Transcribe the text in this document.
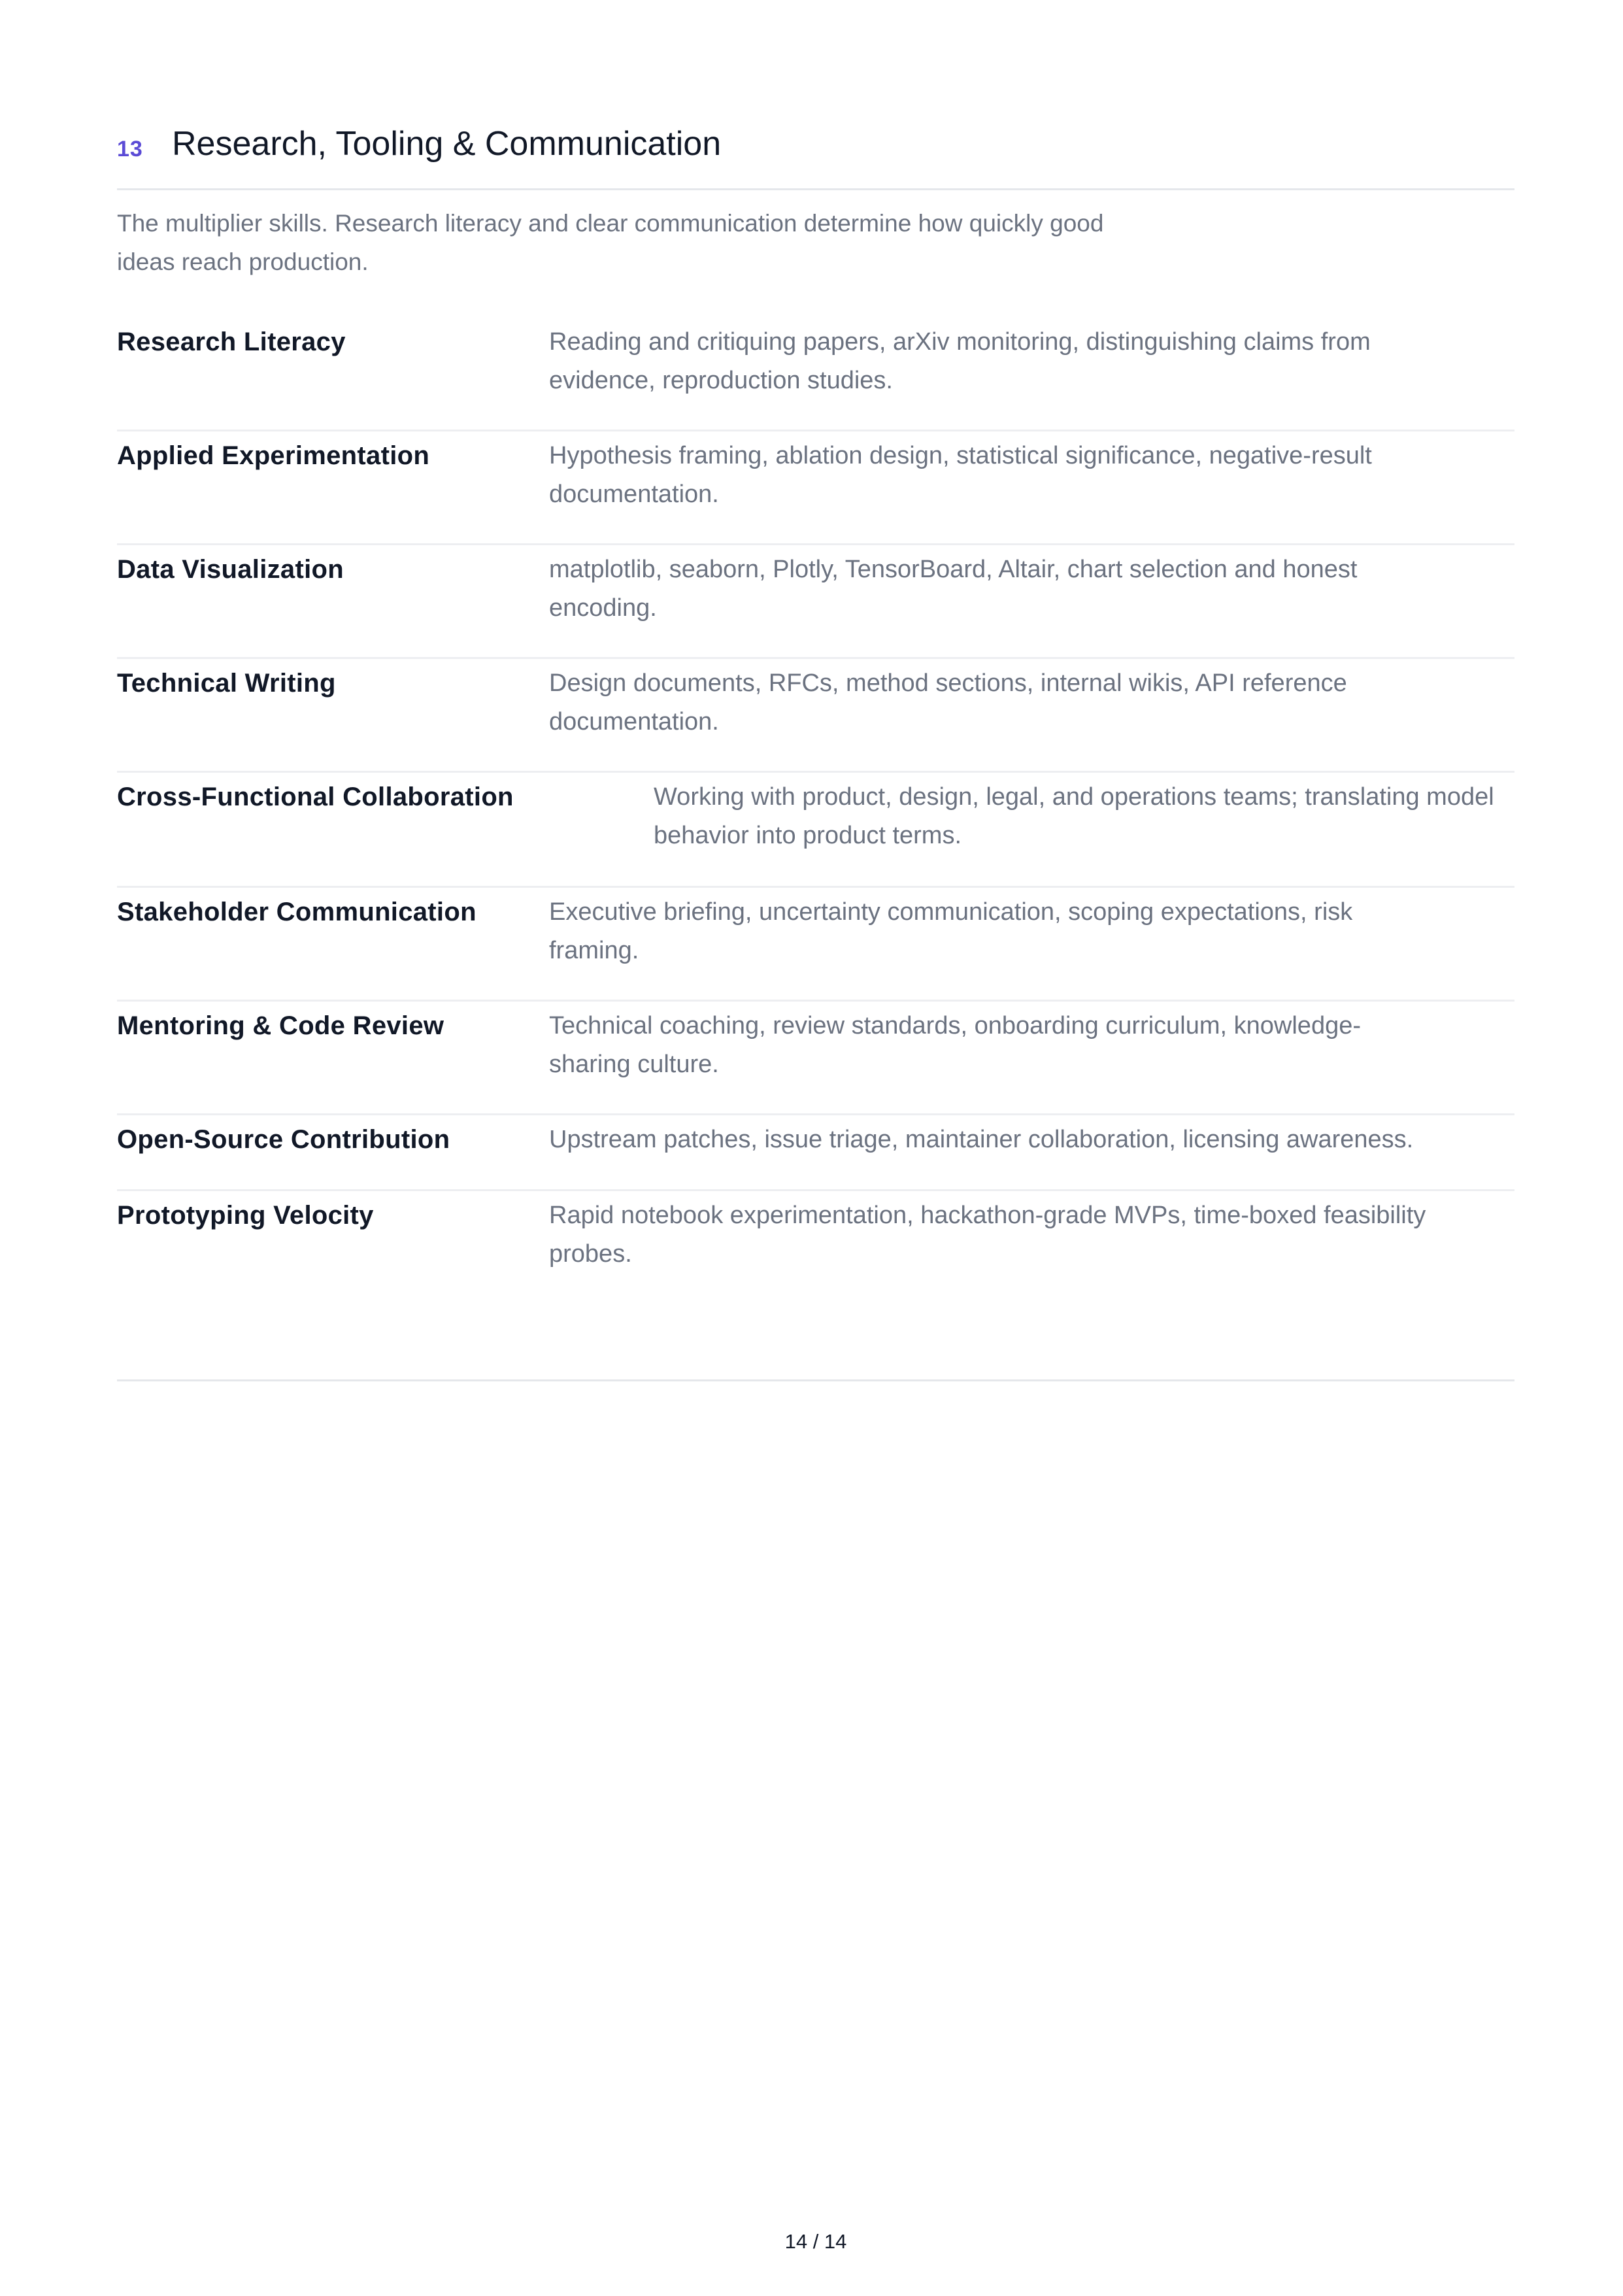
13 Research, Tooling & Communication
The multiplier skills. Research literacy and clear communication determine how quickly good ideas reach production.
Research Literacy	Reading and critiquing papers, arXiv monitoring, distinguishing claims from
evidence, reproduction studies.
Applied Experimentation	Hypothesis framing, ablation design, statistical significance, negative-result
documentation.
Data Visualization	matplotlib, seaborn, Plotly, TensorBoard, Altair, chart selection and honest
encoding.
Technical Writing	Design documents, RFCs, method sections, internal wikis, API reference
documentation.
Cross-Functional Collaboration	Working with product, design, legal, and operations teams; translating model
behavior into product terms.
Stakeholder Communication	Executive briefing, uncertainty communication, scoping expectations, risk
framing.
Mentoring & Code Review	Technical coaching, review standards, onboarding curriculum, knowledge-
sharing culture.
Open-Source Contribution	Upstream patches, issue triage, maintainer collaboration, licensing awareness.
Prototyping Velocity	Rapid notebook experimentation, hackathon-grade MVPs, time-boxed feasibility
probes.
14 / 14
